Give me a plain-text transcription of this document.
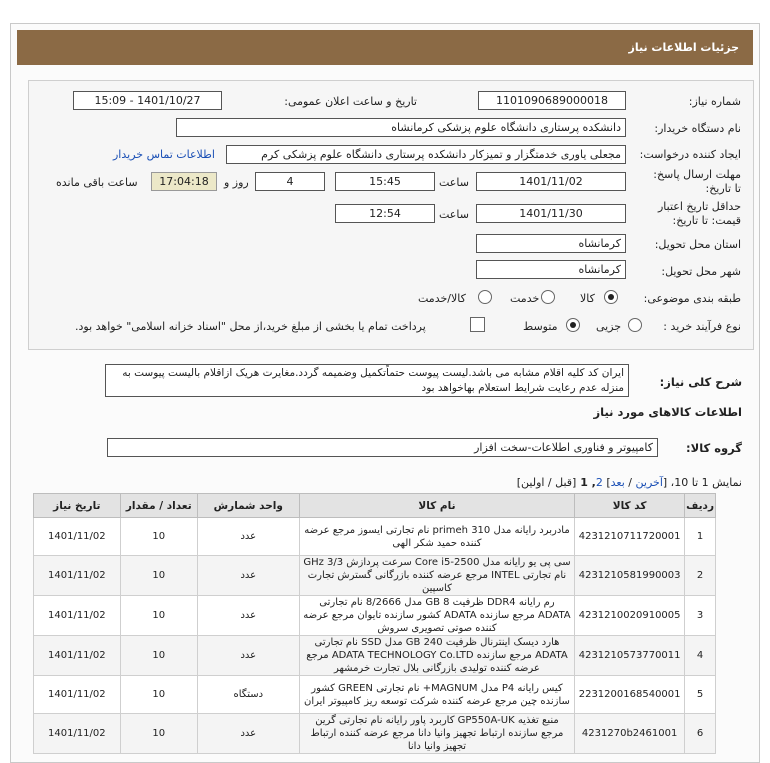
جزئیات اطلاعات نیاز
شماره نیاز:
1101090689000018
تاریخ و ساعت اعلان عمومی:
1401/10/27 - 15:09
نام دستگاه خریدار:
دانشکده پرستاری دانشگاه علوم پزشکی کرمانشاه
ایجاد کننده درخواست:
مجعلی یاوری خدمتگزار و تمیزکار دانشکده پرستاری دانشگاه علوم پزشکی کرم
اطلاعات تماس خریدار
مهلت ارسال پاسخ: تا تاریخ:
1401/11/02
ساعت
15:45
4
روز و
17:04:18
ساعت باقی مانده
حداقل تاریخ اعتبار قیمت: تا تاریخ:
1401/11/30
ساعت
12:54
استان محل تحویل:
کرمانشاه
شهر محل تحویل:
کرمانشاه
طبقه بندی موضوعی:
کالا
خدمت
کالا/خدمت
نوع فرآیند خرید :
جزیی
متوسط
پرداخت تمام یا بخشی از مبلغ خرید،از محل "اسناد خزانه اسلامی" خواهد بود.
شرح کلی نیاز:
ایران کد کلیه اقلام مشابه می باشد.لیست پیوست حتماًتکمیل وضمیمه گردد.مغایرت هریک ازاقلام بالیست پیوست به منزله عدم رعایت شرایط استعلام بهاخواهد بود
اطلاعات کالاهای مورد نیاز
گروه کالا:
کامپیوتر و فناوری اطلاعات-سخت افزار
نمایش 1 تا 10، [آخرین / بعد] 2, 1 [قبل / اولین]
ردیف	کد کالا	نام کالا	واحد شمارش	تعداد / مقدار	تاریخ نیاز
1	4231210711720001	مادربرد رایانه مدل primeh 310 نام تجارتی ایسوز مرجع عرضه کننده حمید شکر الهی	عدد	10	1401/11/02
2	4231210581990003	سی پی یو رایانه مدل Core i5-2500 سرعت پردازش GHz 3/3 نام تجارتی INTEL مرجع عرضه کننده بازرگانی گسترش تجارت کاسپین	عدد	10	1401/11/02
3	4231210020910005	رم رایانه DDR4 ظرفیت GB 8 مدل 8/2666 نام تجارتی ADATA مرجع سازنده ADATA کشور سازنده تایوان مرجع عرضه کننده صوتی تصویری سروش	عدد	10	1401/11/02
4	4231210573770011	هارد دیسک اینترنال ظرفیت GB 240 مدل SSD نام تجارتی ADATA مرجع سازنده ADATA TECHNOLOGY Co.LTD مرجع عرضه کننده تولیدی بازرگانی بلال تجارت خرمشهر	عدد	10	1401/11/02
5	2231200168540001	کیس رایانه P4 مدل MAGNUM+ نام تجارتی GREEN کشور سازنده چین مرجع عرضه کننده شرکت توسعه ریز کامپیوتر ایران	دستگاه	10	1401/11/02
6	4231270b2461001	منبع تغذیه GP550A-UK کاربرد پاور رایانه نام تجارتی گرین مرجع سازنده ارتباط تجهیز وانیا دانا مرجع عرضه کننده ارتباط تجهیز وانیا دانا	عدد	10	1401/11/02
